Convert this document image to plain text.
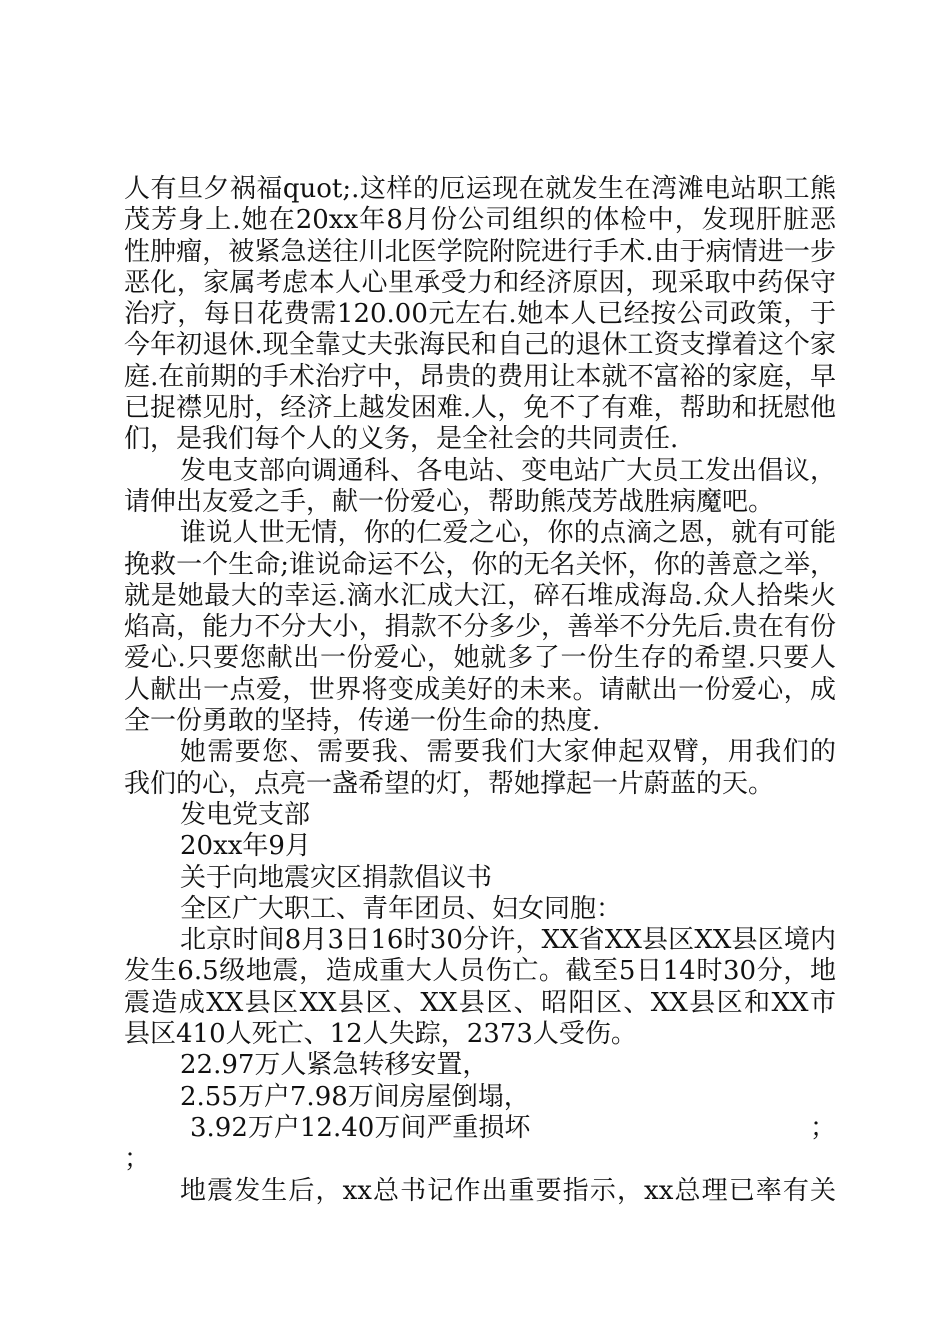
人有旦夕祸福quot;.这样的厄运现在就发生在湾滩电站职工熊
茂芳身上.她在20xx年8月份公司组织的体检中，发现肝脏恶
性肿瘤，被紧急送往川北医学院附院进行手术.由于病情进一步
恶化，家属考虑本人心里承受力和经济原因，现采取中药保守
治疗，每日花费需120.00元左右.她本人已经按公司政策，于
今年初退休.现全靠丈夫张海民和自己的退休工资支撑着这个家
庭.在前期的手术治疗中，昂贵的费用让本就不富裕的家庭，早
已捉襟见肘，经济上越发困难.人，免不了有难，帮助和抚慰他
们，是我们每个人的义务，是全社会的共同责任.
发电支部向调通科、各电站、变电站广大员工发出倡议，
请伸出友爱之手，献一份爱心，帮助熊茂芳战胜病魔吧。
谁说人世无情，你的仁爱之心，你的点滴之恩，就有可能
挽救一个生命;谁说命运不公，你的无名关怀，你的善意之举，
就是她最大的幸运.滴水汇成大江，碎石堆成海岛.众人拾柴火
焰高，能力不分大小，捐款不分多少，善举不分先后.贵在有份
爱心.只要您献出一份爱心，她就多了一份生存的希望.只要人
人献出一点爱，世界将变成美好的未来。请献出一份爱心，成
全一份勇敢的坚持，传递一份生命的热度.
她需要您、需要我、需要我们大家伸起双臂，用我们的
我们的心，点亮一盏希望的灯，帮她撑起一片蔚蓝的天。
发电党支部
20xx年9月
关于向地震灾区捐款倡议书
全区广大职工、青年团员、妇女同胞：
北京时间8月3日16时30分许，XX省XX县区XX县区境内
发生6.5级地震，造成重大人员伤亡。截至5日14时30分，地
震造成XX县区XX县区、XX县区、昭阳区、XX县区和XX市
县区410人死亡、12人失踪，2373人受伤。
22.97万人紧急转移安置，
2.55万户7.98万间房屋倒塌，
3.92万户12.40万间严重损坏	；
；
地震发生后，xx总书记作出重要指示，xx总理已率有关
